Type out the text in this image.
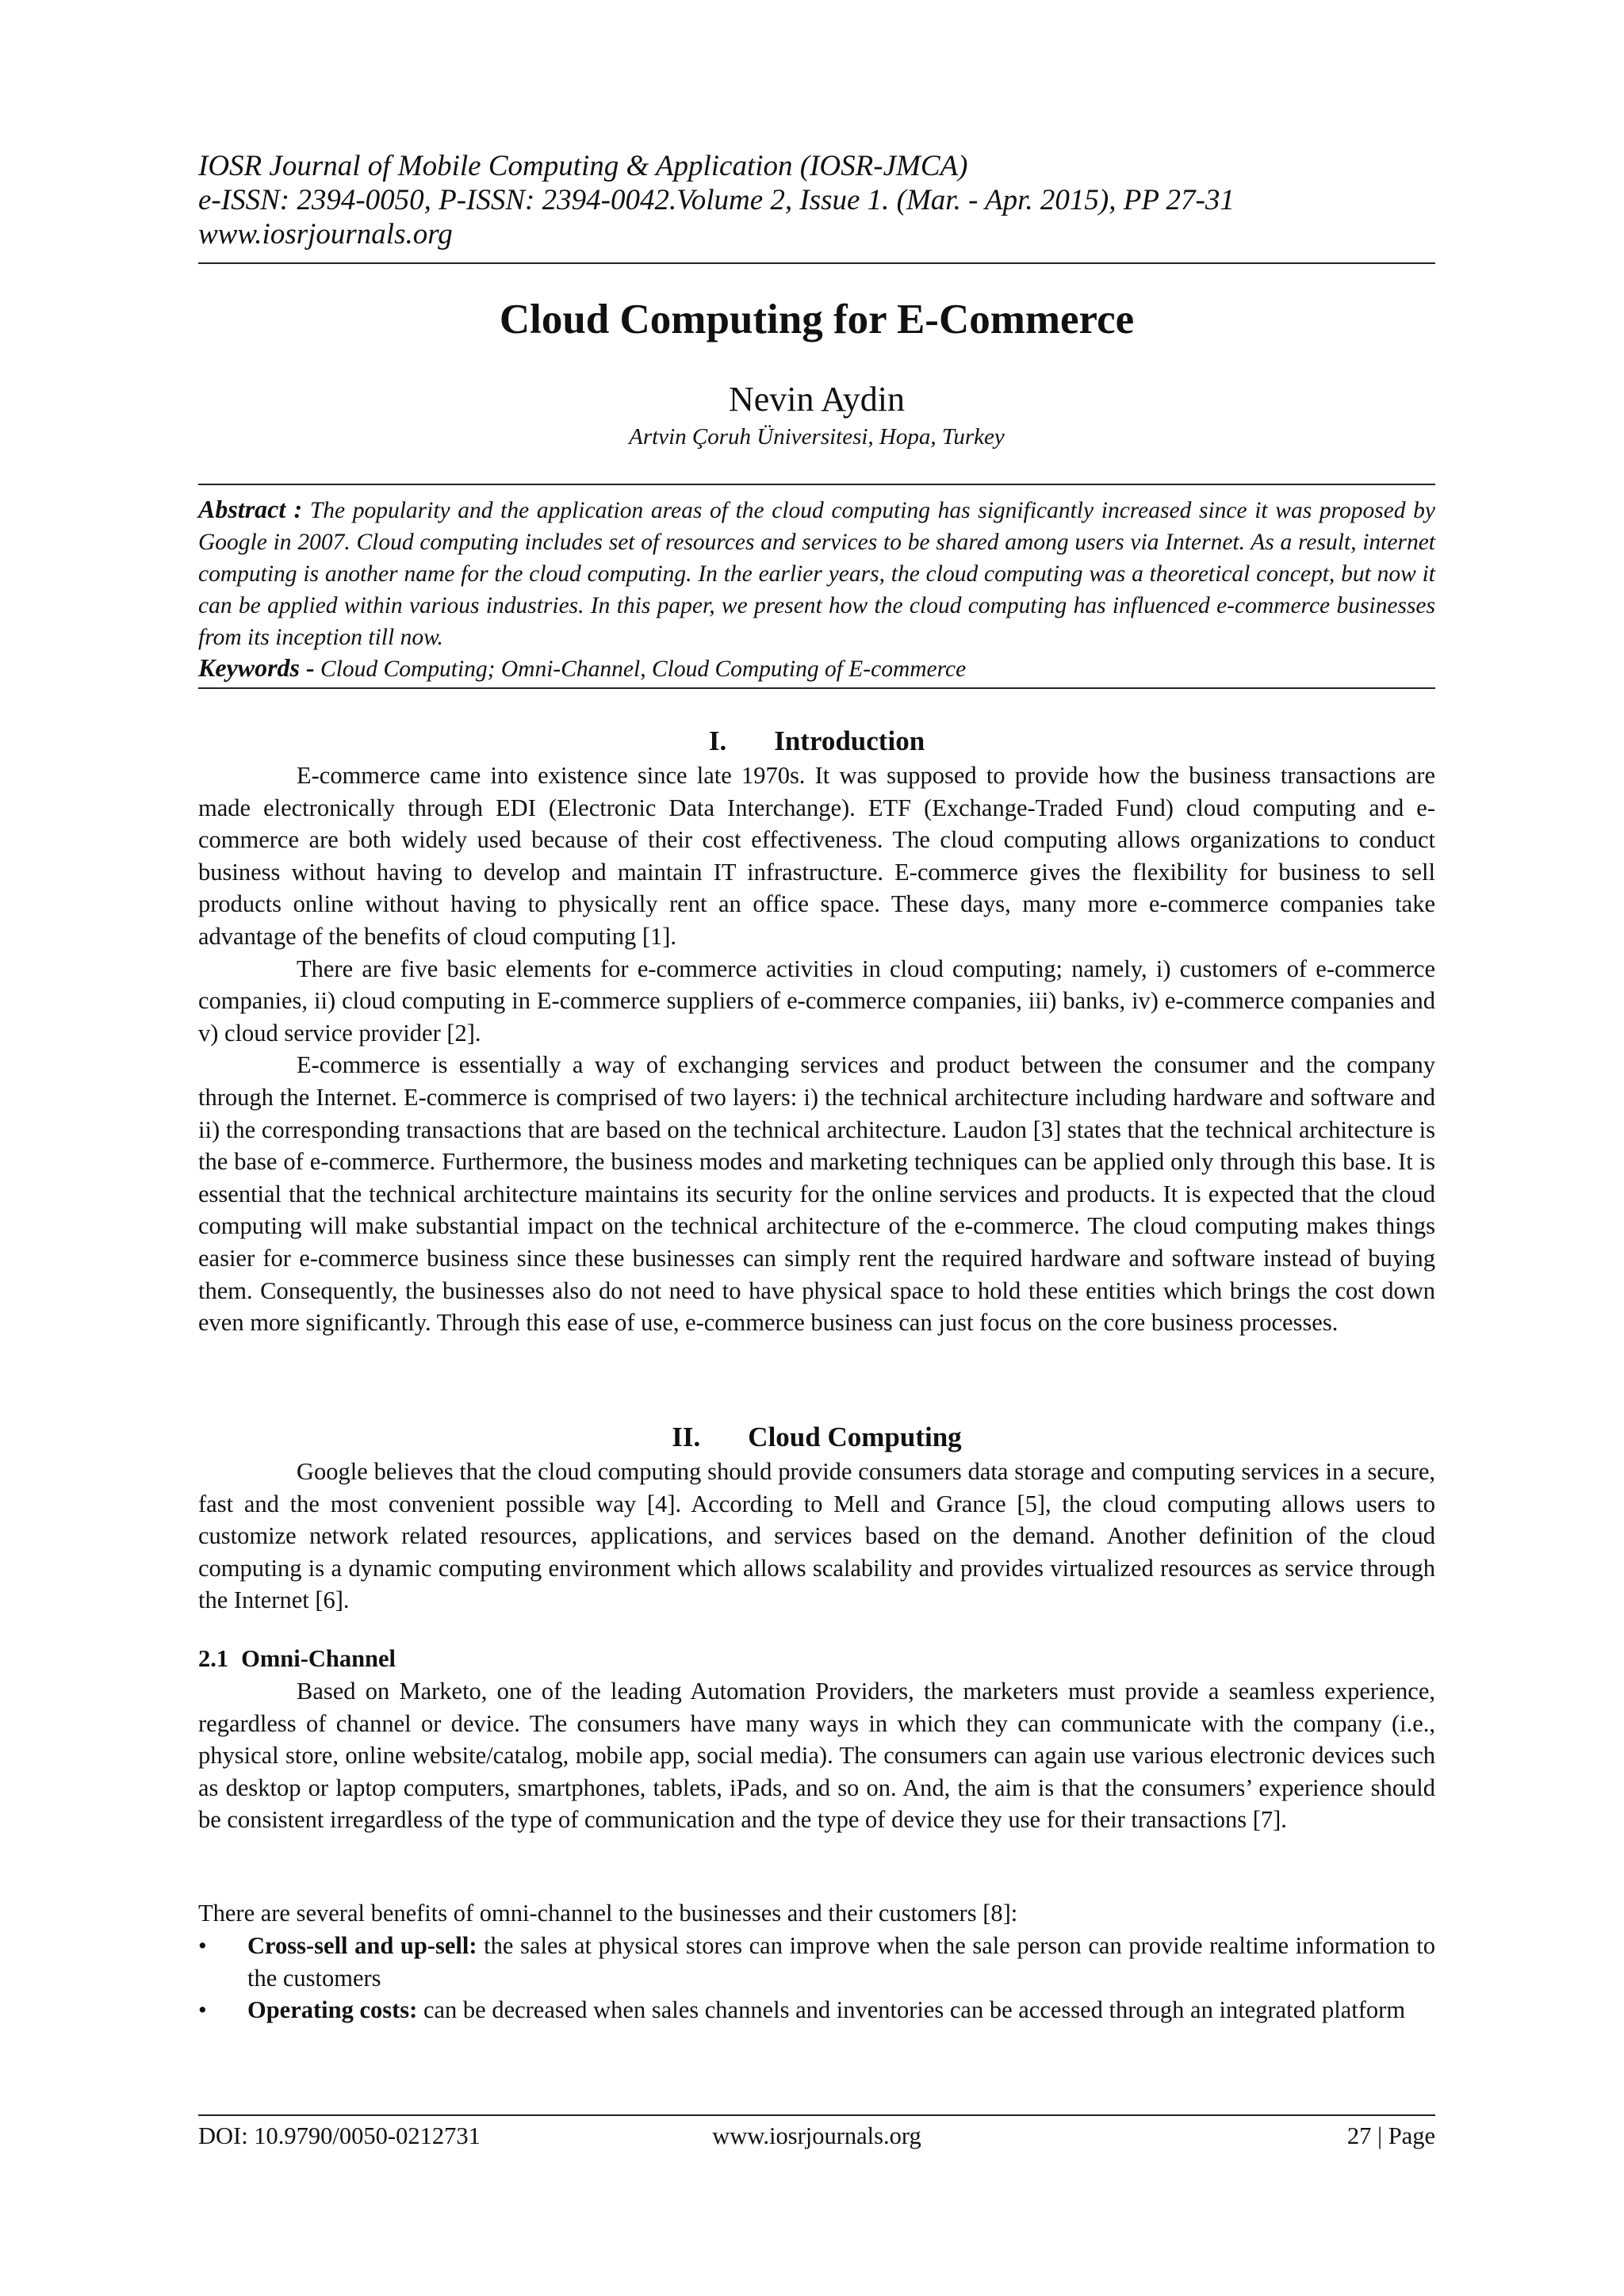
IOSR Journal of Mobile Computing & Application (IOSR-JMCA)
e-ISSN: 2394-0050, P-ISSN: 2394-0042.Volume 2, Issue 1. (Mar. - Apr. 2015), PP 27-31
www.iosrjournals.org
Cloud Computing for E-Commerce
Nevin Aydin
Artvin Çoruh Üniversitesi, Hopa, Turkey
Abstract : The popularity and the application areas of the cloud computing has significantly increased since it was proposed by Google in 2007. Cloud computing includes set of resources and services to be shared among users via Internet. As a result, internet computing is another name for the cloud computing. In the earlier years, the cloud computing was a theoretical concept, but now it can be applied within various industries. In this paper, we present how the cloud computing has influenced e-commerce businesses from its inception till now.
Keywords - Cloud Computing; Omni-Channel, Cloud Computing of E-commerce
I. Introduction

E-commerce came into existence since late 1970s. It was supposed to provide how the business transactions are made electronically through EDI (Electronic Data Interchange). ETF (Exchange-Traded Fund) cloud computing and e-commerce are both widely used because of their cost effectiveness. The cloud computing allows organizations to conduct business without having to develop and maintain IT infrastructure. E-commerce gives the flexibility for business to sell products online without having to physically rent an office space. These days, many more e-commerce companies take advantage of the benefits of cloud computing [1].

There are five basic elements for e-commerce activities in cloud computing; namely, i) customers of e-commerce companies, ii) cloud computing in E-commerce suppliers of e-commerce companies, iii) banks, iv) e-commerce companies and v) cloud service provider [2].

E-commerce is essentially a way of exchanging services and product between the consumer and the company through the Internet. E-commerce is comprised of two layers: i) the technical architecture including hardware and software and ii) the corresponding transactions that are based on the technical architecture. Laudon [3] states that the technical architecture is the base of e-commerce. Furthermore, the business modes and marketing techniques can be applied only through this base. It is essential that the technical architecture maintains its security for the online services and products. It is expected that the cloud computing will make substantial impact on the technical architecture of the e-commerce. The cloud computing makes things easier for e-commerce business since these businesses can simply rent the required hardware and software instead of buying them. Consequently, the businesses also do not need to have physical space to hold these entities which brings the cost down even more significantly. Through this ease of use, e-commerce business can just focus on the core business processes.

II. Cloud Computing

Google believes that the cloud computing should provide consumers data storage and computing services in a secure, fast and the most convenient possible way [4]. According to Mell and Grance [5], the cloud computing allows users to customize network related resources, applications, and services based on the demand. Another definition of the cloud computing is a dynamic computing environment which allows scalability and provides virtualized resources as service through the Internet [6].

2.1 Omni-Channel

Based on Marketo, one of the leading Automation Providers, the marketers must provide a seamless experience, regardless of channel or device. The consumers have many ways in which they can communicate with the company (i.e., physical store, online website/catalog, mobile app, social media). The consumers can again use various electronic devices such as desktop or laptop computers, smartphones, tablets, iPads, and so on. And, the aim is that the consumers’ experience should be consistent irregardless of the type of communication and the type of device they use for their transactions [7].

There are several benefits of omni-channel to the businesses and their customers [8]:
• Cross-sell and up-sell: the sales at physical stores can improve when the sale person can provide realtime information to the customers
• Operating costs: can be decreased when sales channels and inventories can be accessed through an integrated platform
DOI: 10.9790/0050-0212731	www.iosrjournals.org	27 | Page
